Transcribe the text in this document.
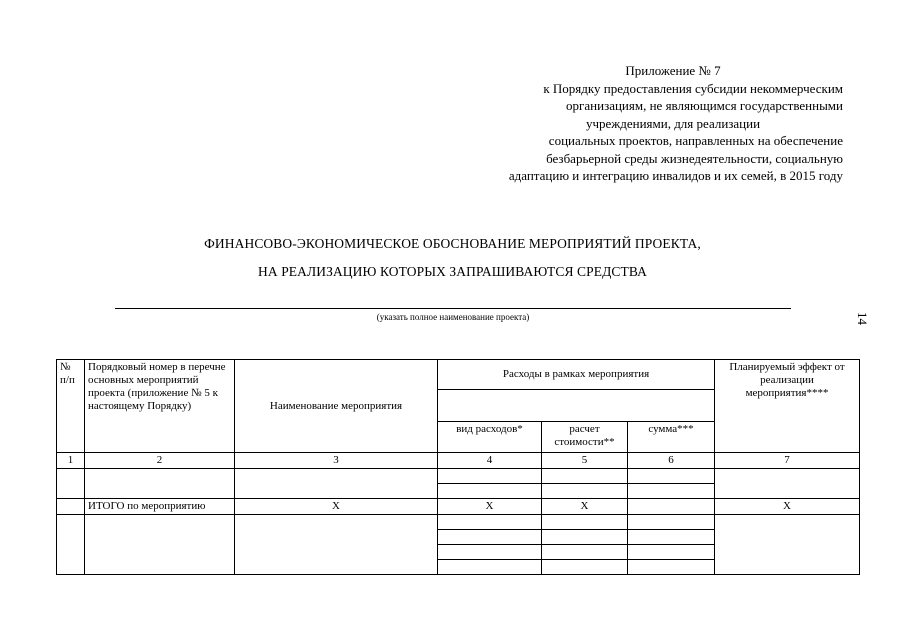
Приложение № 7
к Порядку предоставления субсидии некоммерческим
организациям, не являющимся государственными
учреждениями, для реализации
социальных проектов, направленных на обеспечение
безбарьерной среды жизнедеятельности, социальную
адаптацию и интеграцию инвалидов и их семей, в 2015 году
ФИНАНСОВО-ЭКОНОМИЧЕСКОЕ ОБОСНОВАНИЕ МЕРОПРИЯТИЙ ПРОЕКТА,
НА РЕАЛИЗАЦИЮ КОТОРЫХ ЗАПРАШИВАЮТСЯ СРЕДСТВА
(указать полное наименование проекта)	14
№ п/п	Порядковый номер в перечне основных мероприятий проекта (приложение № 5 к настоящему Порядку)	Наименование мероприятия	Расходы в рамках мероприятия			Планируемый эффект от реализации мероприятия****

			вид расходов*	расчет стоимости**	сумма***	
1	2	3	4	5	6	7

	ИТОГО по мероприятию	Х	Х	Х		Х
